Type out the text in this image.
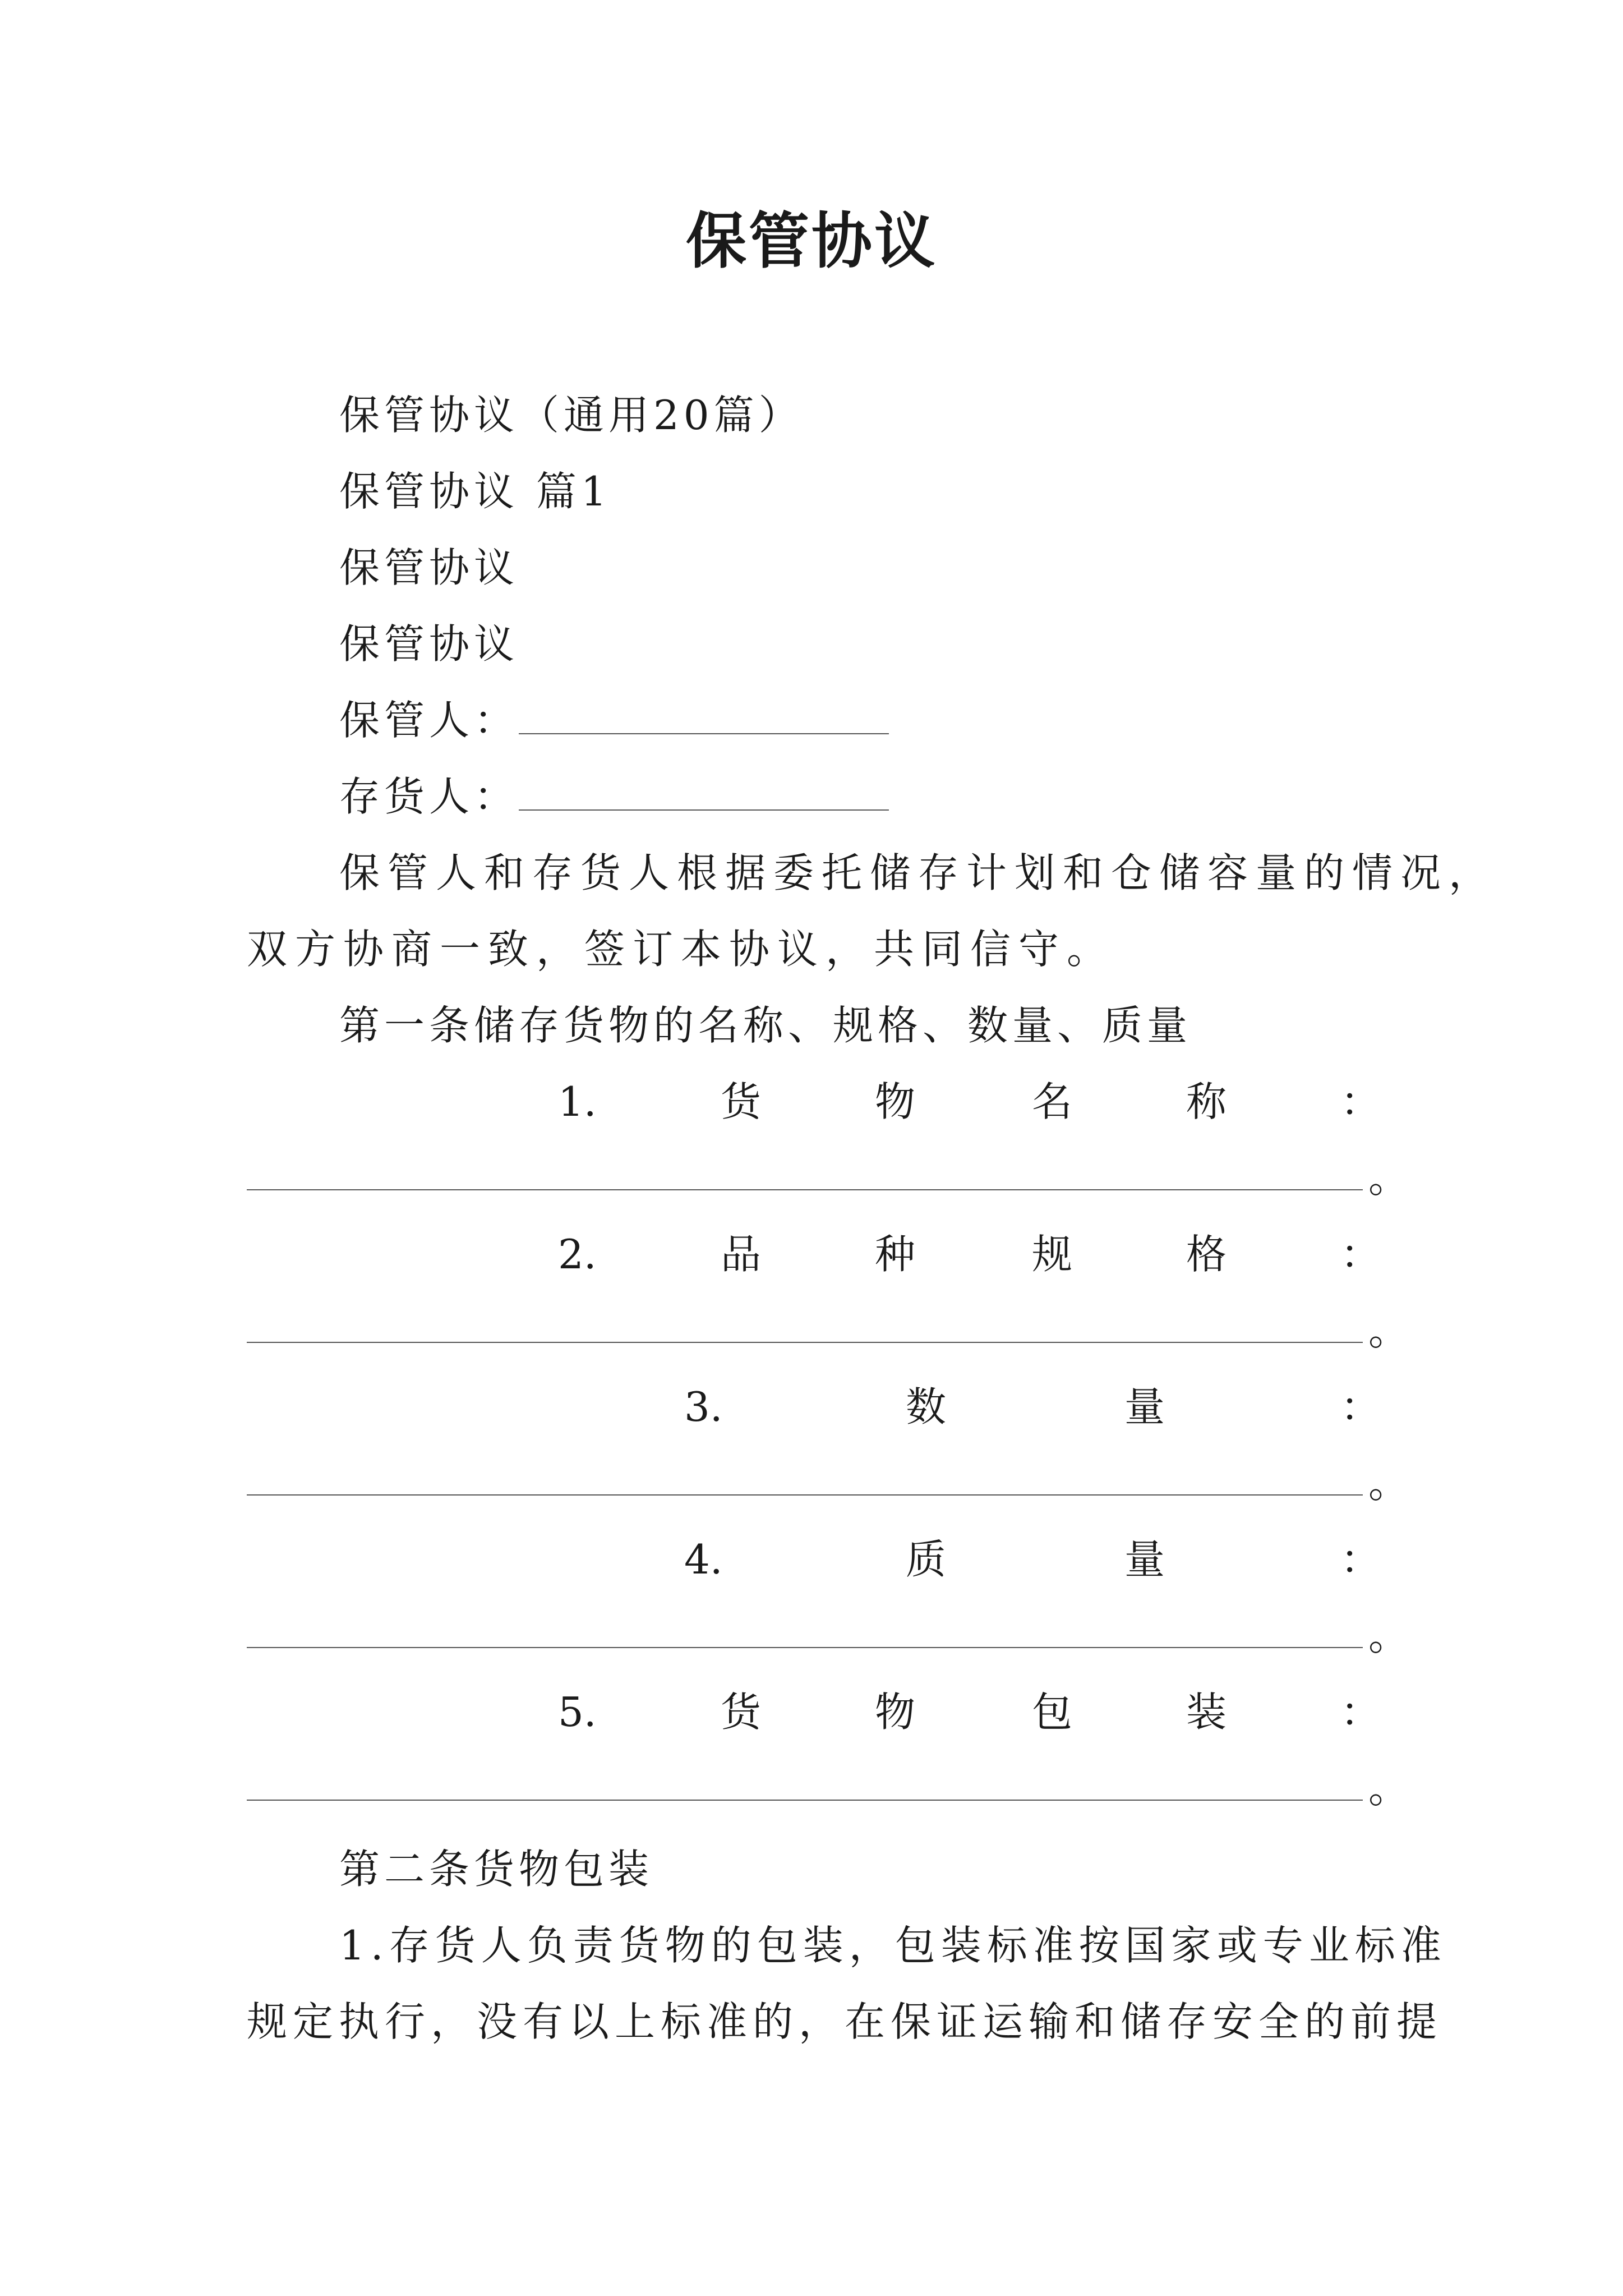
保管协议
保管协议（通用20篇）
保管协议 篇1
保管协议
保管协议
保管人：
存货人：
保管人和存货人根据委托储存计划和仓储容量的情况，
双方协商一致，签订本协议，共同信守。
第一条储存货物的名称、规格、数量、质量
1.	货	物	名	称	：
。
2.	品	种	规	格	：
。
3.	数	量	：
。
4.	质	量	：
。
5.	货	物	包	装	：
。
第二条货物包装
1.存货人负责货物的包装，包装标准按国家或专业标准
规定执行，没有以上标准的，在保证运输和储存安全的前提
